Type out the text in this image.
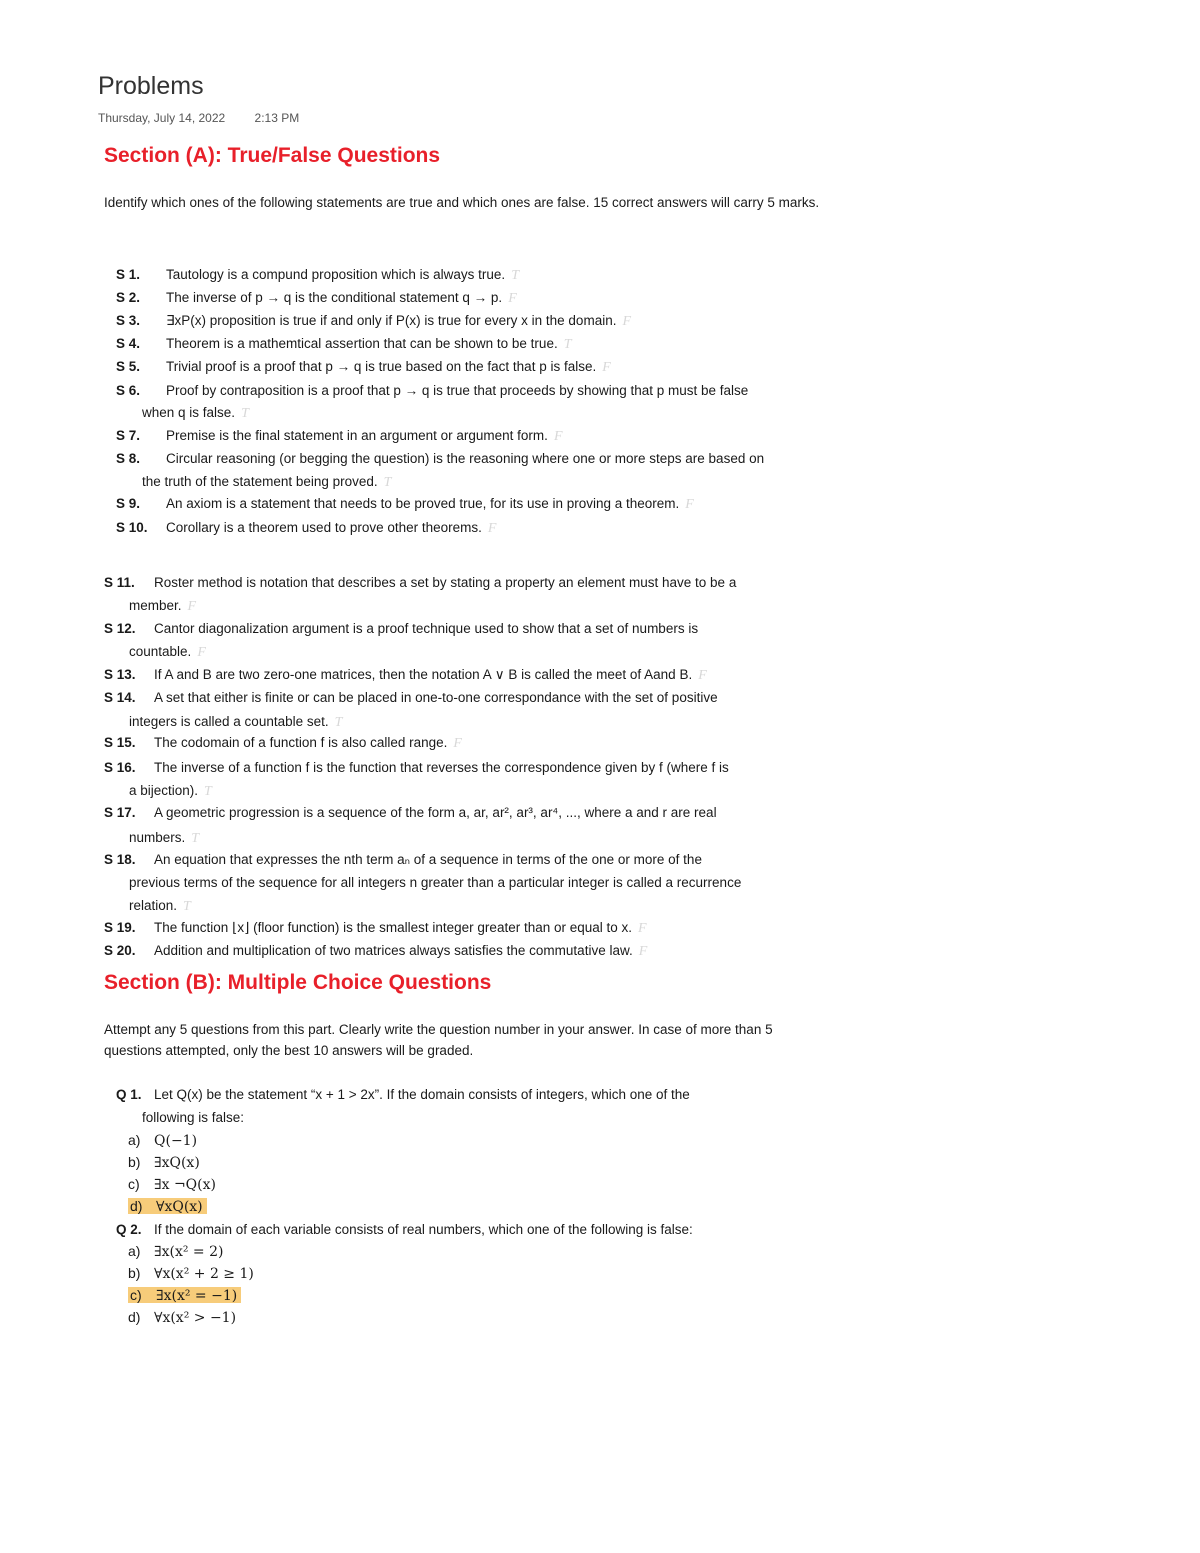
Problems
Thursday, July 14, 2022 2:13 PM
Section (A): True/False Questions
Identify which ones of the following statements are true and which ones are false. 15 correct answers will carry 5 marks.
S 1. Tautology is a compund proposition which is always true. T
S 2. The inverse of p → q is the conditional statement q → p. F
S 3. ∃xP(x) proposition is true if and only if P(x) is true for every x in the domain. F
S 4. Theorem is a mathemtical assertion that can be shown to be true. T
S 5. Trivial proof is a proof that p → q is true based on the fact that p is false. F
S 6. Proof by contraposition is a proof that p → q is true that proceeds by showing that p must be false
when q is false. T
S 7. Premise is the final statement in an argument or argument form. F
S 8. Circular reasoning (or begging the question) is the reasoning where one or more steps are based on
the truth of the statement being proved. T
S 9. An axiom is a statement that needs to be proved true, for its use in proving a theorem. F
S 10. Corollary is a theorem used to prove other theorems. F
S 11. Roster method is notation that describes a set by stating a property an element must have to be a
member. F
S 12. Cantor diagonalization argument is a proof technique used to show that a set of numbers is
countable. F
S 13. If A and B are two zero-one matrices, then the notation A ∨ B is called the meet of Aand B. F
S 14. A set that either is finite or can be placed in one-to-one correspondance with the set of positive
integers is called a countable set. T
S 15. The codomain of a function f is also called range. F
S 16. The inverse of a function f is the function that reverses the correspondence given by f (where f is
a bijection). T
S 17. A geometric progression is a sequence of the form a, ar, ar², ar³, ar⁴, ..., where a and r are real
numbers. T
S 18. An equation that expresses the nth term aₙ of a sequence in terms of the one or more of the
previous terms of the sequence for all integers n greater than a particular integer is called a recurrence
relation. T
S 19. The function ⌊x⌋ (floor function) is the smallest integer greater than or equal to x. F
S 20. Addition and multiplication of two matrices always satisfies the commutative law. F
Section (B): Multiple Choice Questions
Attempt any 5 questions from this part. Clearly write the question number in your answer. In case of more than 5 questions attempted, only the best 10 answers will be graded.
Q 1. Let Q(x) be the statement “x + 1 > 2x”. If the domain consists of integers, which one of the
following is false:
a) Q(−1)
b) ∃xQ(x)
c) ∃x ¬Q(x)
d) ∀xQ(x)
Q 2. If the domain of each variable consists of real numbers, which one of the following is false:
a) ∃x(x² = 2)
b) ∀x(x² + 2 ≥ 1)
c) ∃x(x² = −1)
d) ∀x(x² > −1)
